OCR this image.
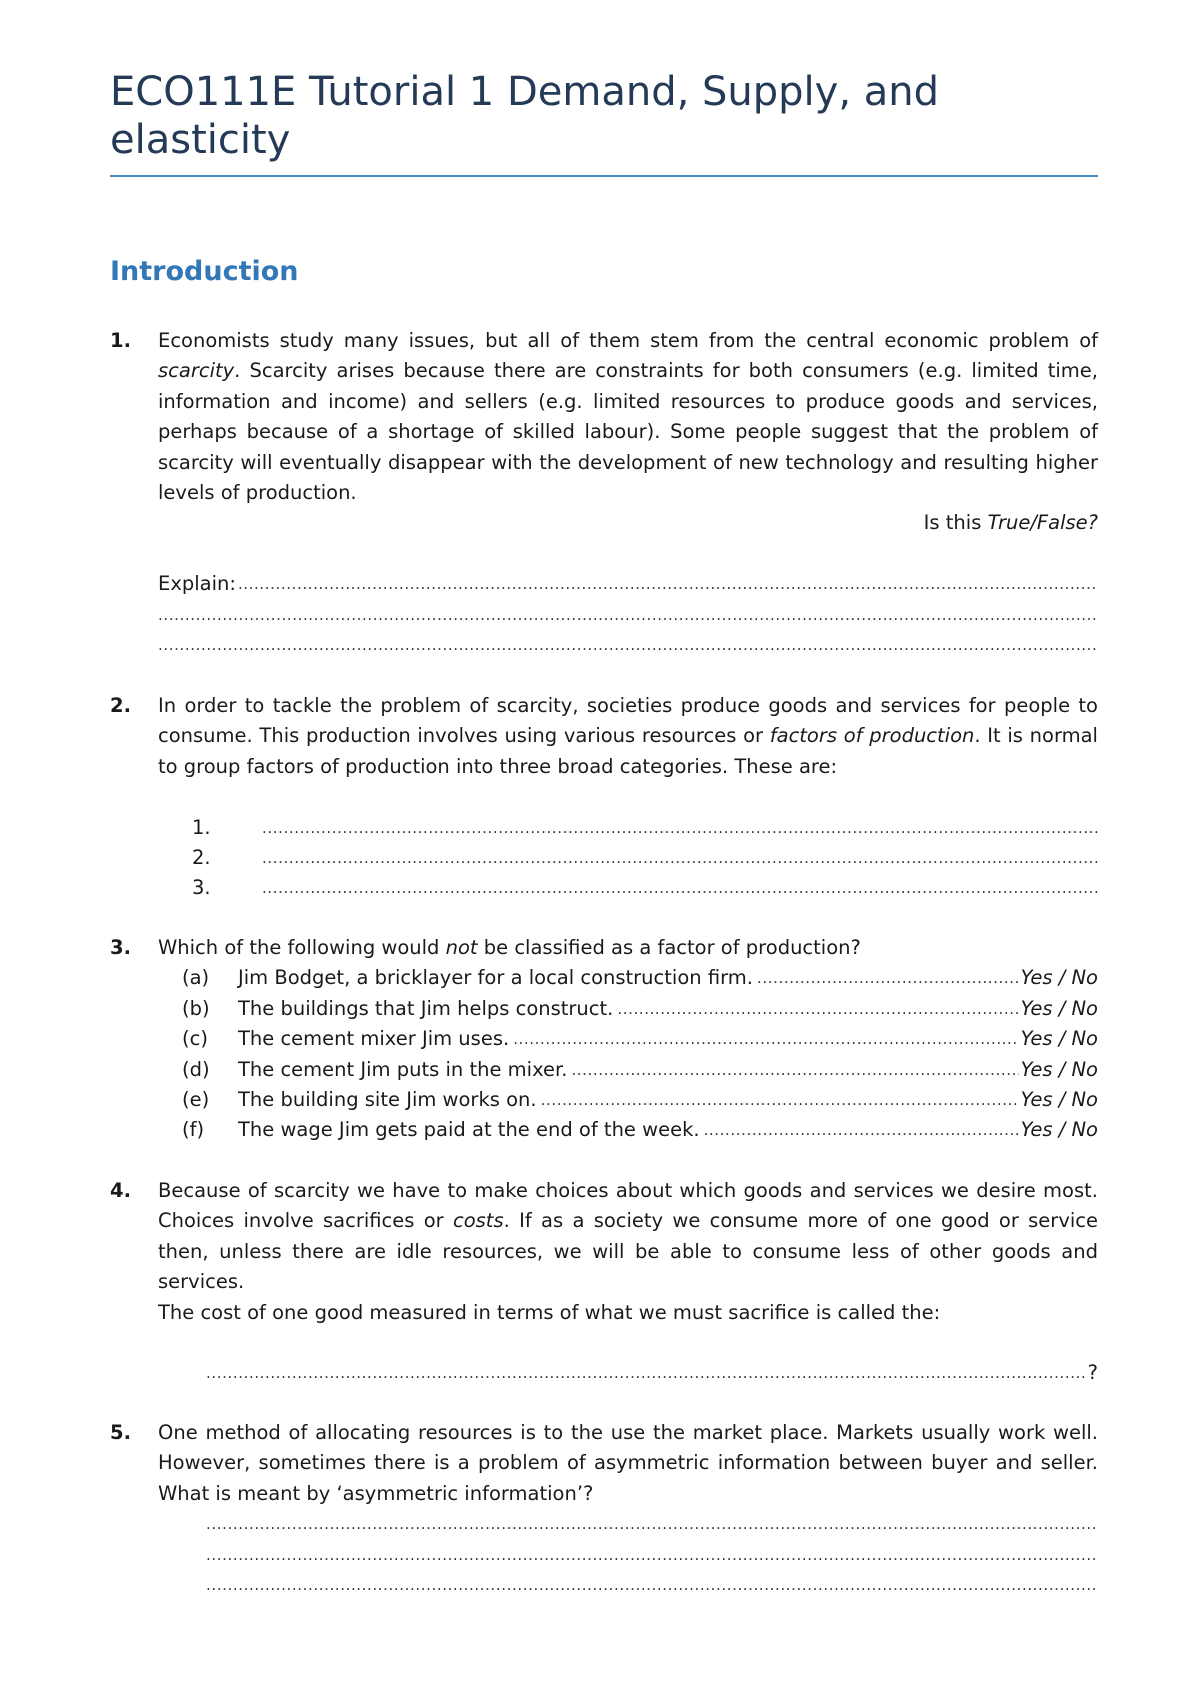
ECO111E Tutorial 1 Demand, Supply, and elasticity
Introduction
1. Economists study many issues, but all of them stem from the central economic problem of scarcity. Scarcity arises because there are constraints for both consumers (e.g. limited time, information and income) and sellers (e.g. limited resources to produce goods and services, perhaps because of a shortage of skilled labour). Some people suggest that the problem of scarcity will eventually disappear with the development of new technology and resulting higher levels of production.
Is this True/False?
Explain:
.....
.....
.....
2. In order to tackle the problem of scarcity, societies produce goods and services for people to consume. This production involves using various resources or factors of production. It is normal to group factors of production into three broad categories. These are:
1.
.....
2.
.....
3.
.....
3. Which of the following would not be classified as a factor of production?
(a)	Jim Bodget, a bricklayer for a local construction firm. .....	Yes / No
(b)	The buildings that Jim helps construct. .....	Yes / No
(c)	The cement mixer Jim uses. .....	Yes / No
(d)	The cement Jim puts in the mixer. .....	Yes / No
(e)	The building site Jim works on. .....	Yes / No
(f)	The wage Jim gets paid at the end of the week. .....	Yes / No
4. Because of scarcity we have to make choices about which goods and services we desire most. Choices involve sacrifices or costs. If as a society we consume more of one good or service then, unless there are idle resources, we will be able to consume less of other goods and services.
The cost of one good measured in terms of what we must sacrifice is called the:
.....
?
5. One method of allocating resources is to the use the market place. Markets usually work well. However, sometimes there is a problem of asymmetric information between buyer and seller. What is meant by ‘asymmetric information’?
.....
.....
.....
